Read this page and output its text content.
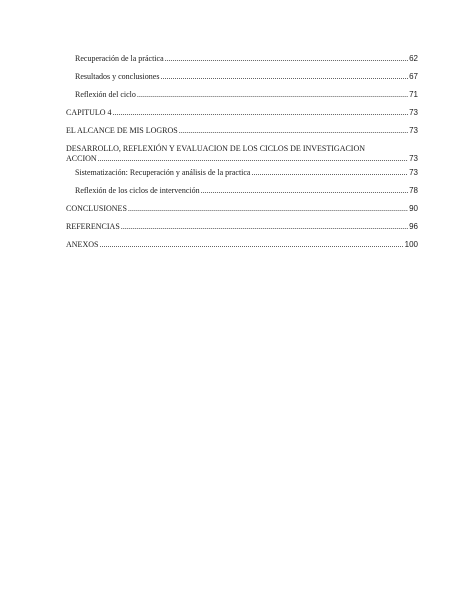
Recuperación de la práctica .....	62
Resultados y conclusiones .....	67
Reflexión del ciclo .....	71
CAPITULO 4 .....	73
EL ALCANCE DE MIS LOGROS .....	73
DESARROLLO, REFLEXIÓN Y EVALUACION DE LOS CICLOS DE INVESTIGACION
ACCION .....	73
Sistematización: Recuperación y análisis de la practica .....	73
Reflexión de los ciclos de intervención .....	78
CONCLUSIONES .....	90
REFERENCIAS .....	96
ANEXOS .....	100
